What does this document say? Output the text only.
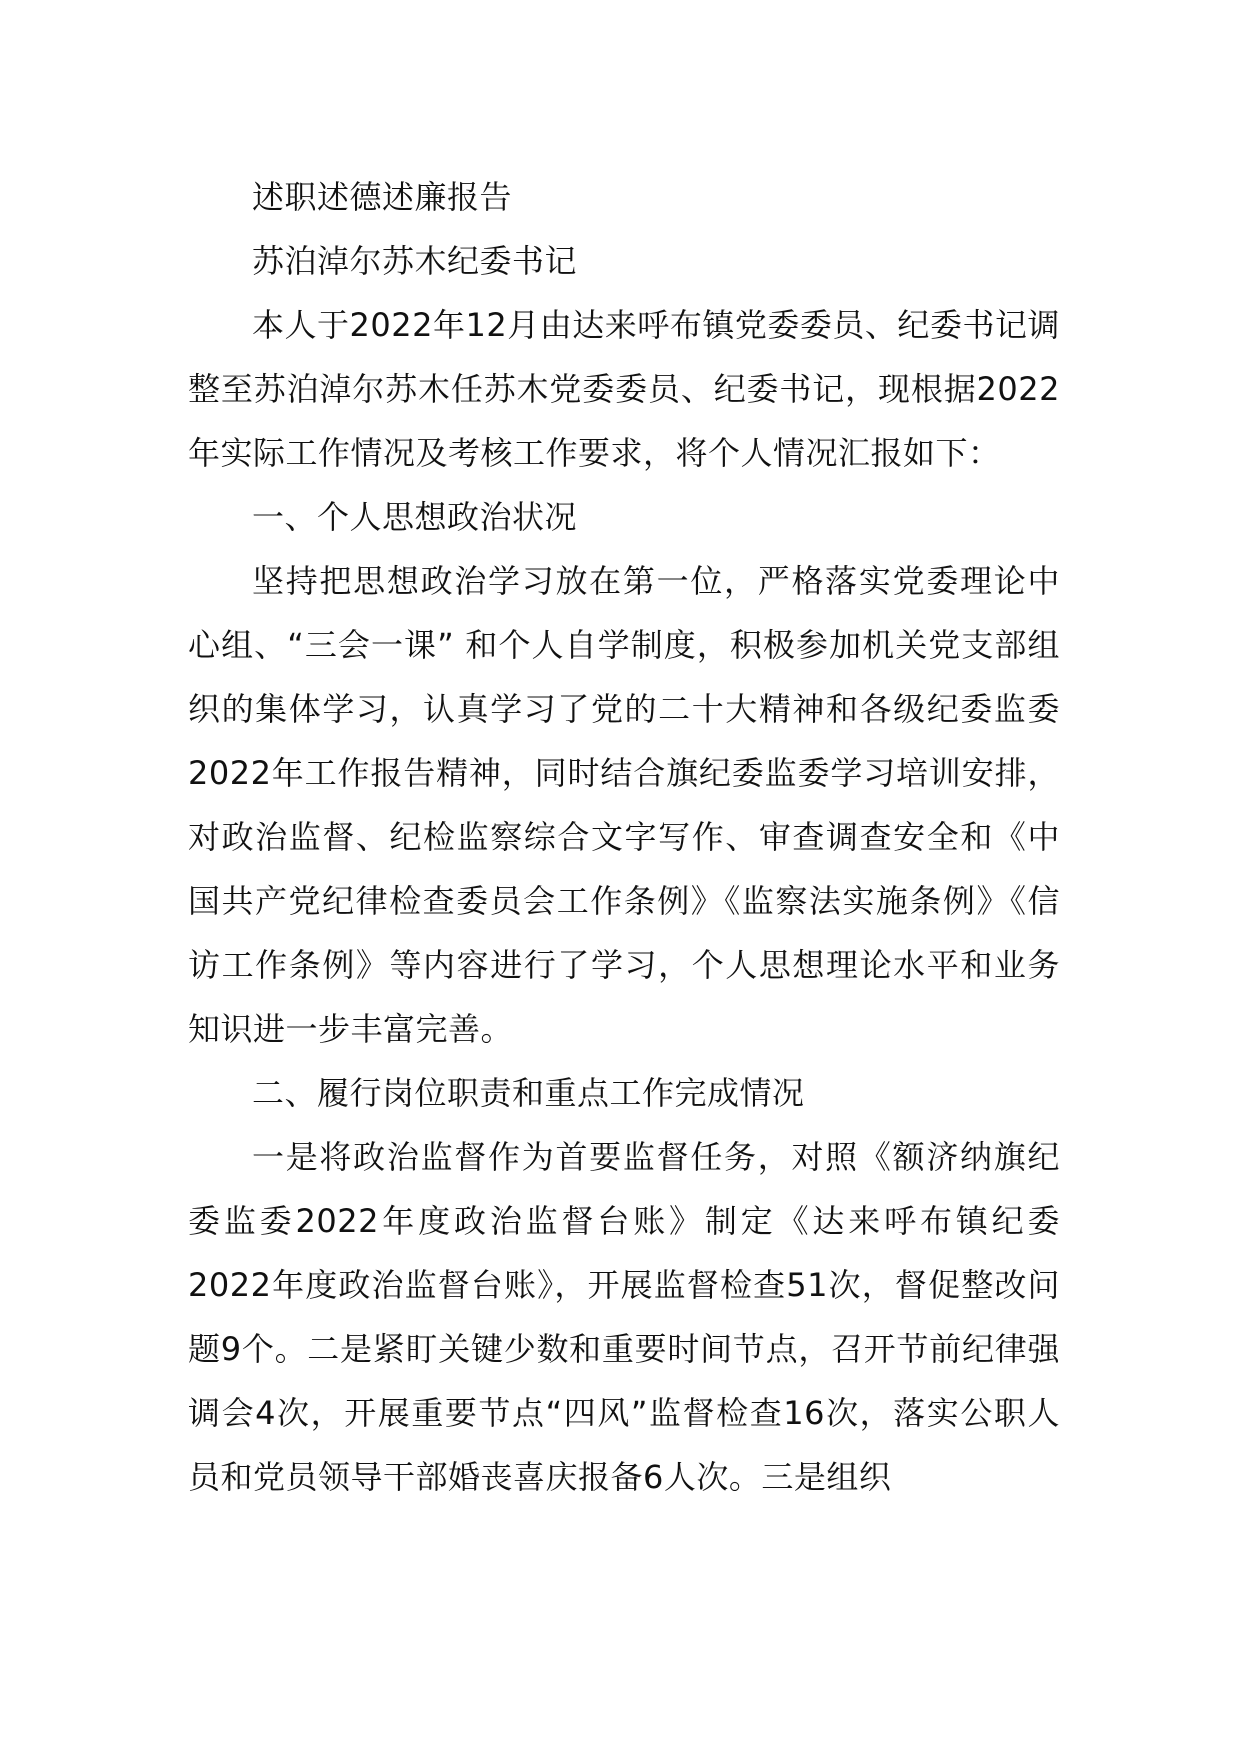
述职述德述廉报告

苏泊淖尔苏木纪委书记

本人于2022年12月由达来呼布镇党委委员、纪委书记调整至苏泊淖尔苏木任苏木党委委员、纪委书记，现根据2022年实际工作情况及考核工作要求，将个人情况汇报如下：

一、个人思想政治状况

坚持把思想政治学习放在第一位，严格落实党委理论中心组、“三会一课” 和个人自学制度，积极参加机关党支部组织的集体学习，认真学习了党的二十大精神和各级纪委监委2022年工作报告精神，同时结合旗纪委监委学习培训安排，对政治监督、纪检监察综合文字写作、审查调查安全和《中国共产党纪律检查委员会工作条例》《监察法实施条例》《信访工作条例》等内容进行了学习，个人思想理论水平和业务知识进一步丰富完善。

二、履行岗位职责和重点工作完成情况

一是将政治监督作为首要监督任务，对照《额济纳旗纪委监委2022年度政治监督台账》制定《达来呼布镇纪委2022年度政治监督台账》，开展监督检查51次，督促整改问题9个。二是紧盯关键少数和重要时间节点，召开节前纪律强调会4次，开展重要节点“四风”监督检查16次，落实公职人员和党员领导干部婚丧喜庆报备6人次。三是组织
